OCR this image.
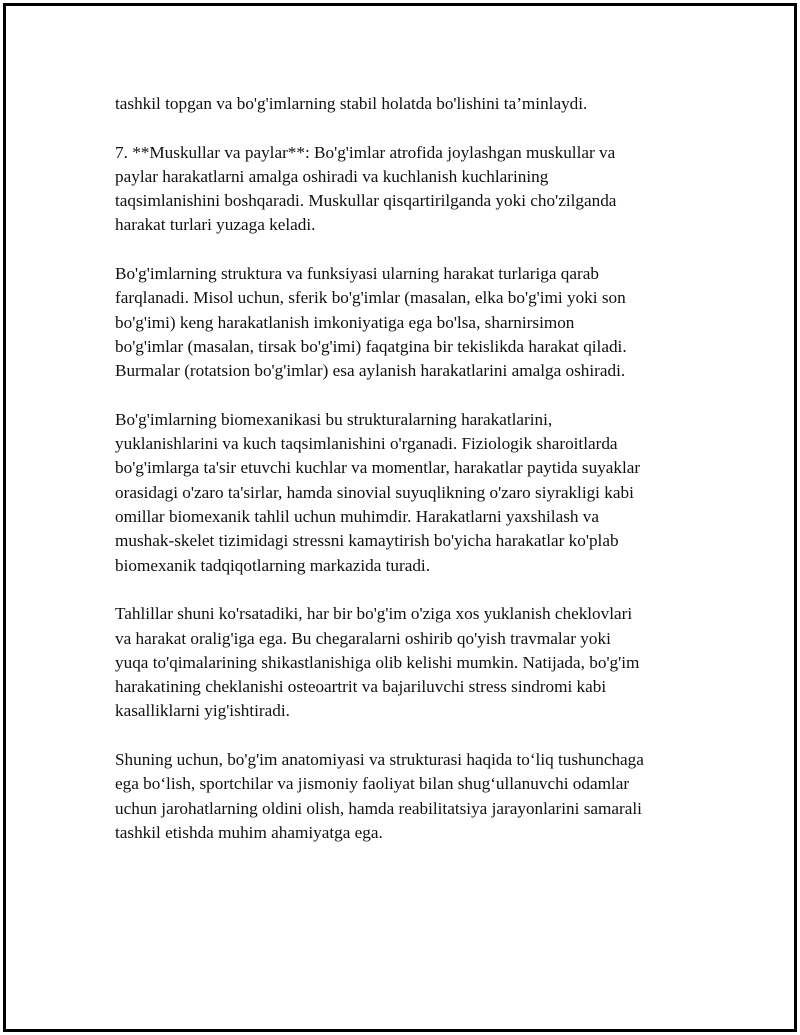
tashkil topgan va bo'g'imlarning stabil holatda bo'lishini ta’minlaydi.

7. **Muskullar va paylar**: Bo'g'imlar atrofida joylashgan muskullar va
paylar harakatlarni amalga oshiradi va kuchlanish kuchlarining
taqsimlanishini boshqaradi. Muskullar qisqartirilganda yoki cho'zilganda
harakat turlari yuzaga keladi.

Bo'g'imlarning struktura va funksiyasi ularning harakat turlariga qarab
farqlanadi. Misol uchun, sferik bo'g'imlar (masalan, elka bo'g'imi yoki son
bo'g'imi) keng harakatlanish imkoniyatiga ega bo'lsa, sharnirsimon
bo'g'imlar (masalan, tirsak bo'g'imi) faqatgina bir tekislikda harakat qiladi.
Burmalar (rotatsion bo'g'imlar) esa aylanish harakatlarini amalga oshiradi.

Bo'g'imlarning biomexanikasi bu strukturalarning harakatlarini,
yuklanishlarini va kuch taqsimlanishini o'rganadi. Fiziologik sharoitlarda
bo'g'imlarga ta'sir etuvchi kuchlar va momentlar, harakatlar paytida suyaklar
orasidagi o'zaro ta'sirlar, hamda sinovial suyuqlikning o'zaro siyrakligi kabi
omillar biomexanik tahlil uchun muhimdir. Harakatlarni yaxshilash va
mushak-skelet tizimidagi stressni kamaytirish bo'yicha harakatlar ko'plab
biomexanik tadqiqotlarning markazida turadi.

Tahlillar shuni ko'rsatadiki, har bir bo'g'im o'ziga xos yuklanish cheklovlari
va harakat oralig'iga ega. Bu chegaralarni oshirib qo'yish travmalar yoki
yuqa to'qimalarining shikastlanishiga olib kelishi mumkin. Natijada, bo'g'im
harakatining cheklanishi osteoartrit va bajariluvchi stress sindromi kabi
kasalliklarni yig'ishtiradi.

Shuning uchun, bo'g'im anatomiyasi va strukturasi haqida to‘liq tushunchaga
ega bo‘lish, sportchilar va jismoniy faoliyat bilan shug‘ullanuvchi odamlar
uchun jarohatlarning oldini olish, hamda reabilitatsiya jarayonlarini samarali
tashkil etishda muhim ahamiyatga ega.
